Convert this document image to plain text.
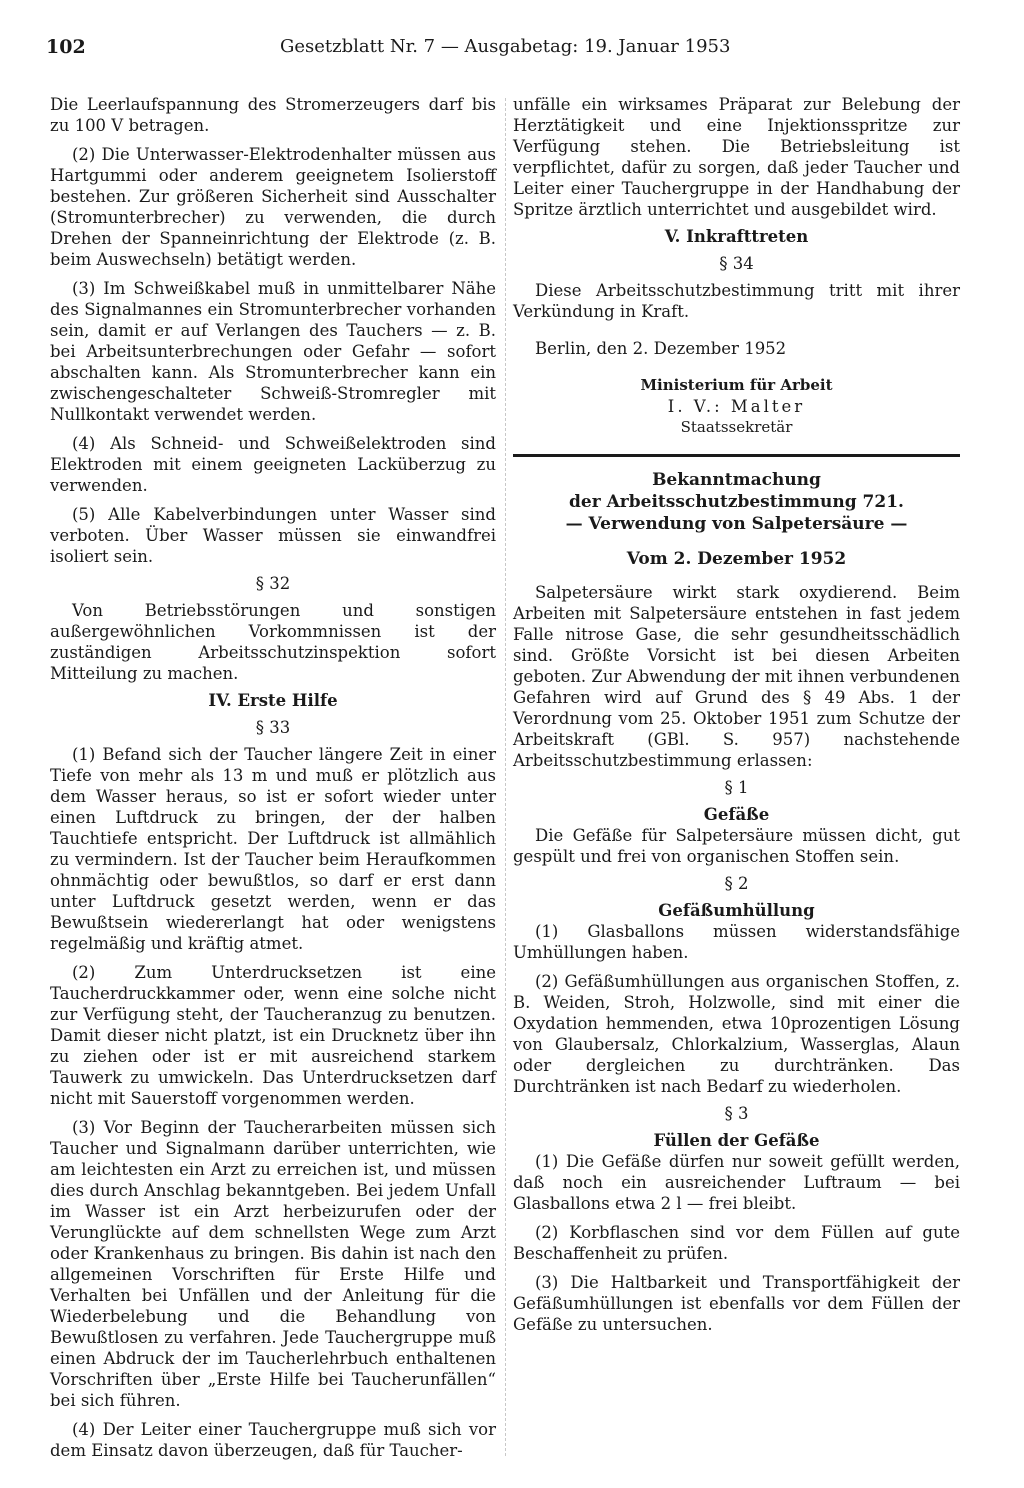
102	Gesetzblatt Nr. 7 — Ausgabetag: 19. Januar 1953

Die Leerlaufspannung des Stromerzeugers darf bis zu 100 V betragen.

(2) Die Unterwasser-Elektrodenhalter müssen aus Hartgummi oder anderem geeignetem Isolierstoff bestehen. Zur größeren Sicherheit sind Ausschalter (Stromunterbrecher) zu verwenden, die durch Drehen der Spanneinrichtung der Elektrode (z. B. beim Auswechseln) betätigt werden.

(3) Im Schweißkabel muß in unmittelbarer Nähe des Signalmannes ein Stromunterbrecher vorhanden sein, damit er auf Verlangen des Tauchers — z. B. bei Arbeitsunterbrechungen oder Gefahr — sofort abschalten kann. Als Stromunterbrecher kann ein zwischengeschalteter Schweiß-Stromregler mit Nullkontakt verwendet werden.

(4) Als Schneid- und Schweißelektroden sind Elektroden mit einem geeigneten Lacküberzug zu verwenden.

(5) Alle Kabelverbindungen unter Wasser sind verboten. Über Wasser müssen sie einwandfrei isoliert sein.

§ 32

Von Betriebsstörungen und sonstigen außergewöhnlichen Vorkommnissen ist der zuständigen Arbeitsschutzinspektion sofort Mitteilung zu machen.

IV. Erste Hilfe
§ 33

(1) Befand sich der Taucher längere Zeit in einer Tiefe von mehr als 13 m und muß er plötzlich aus dem Wasser heraus, so ist er sofort wieder unter einen Luftdruck zu bringen, der der halben Tauchtiefe entspricht. Der Luftdruck ist allmählich zu vermindern. Ist der Taucher beim Heraufkommen ohnmächtig oder bewußtlos, so darf er erst dann unter Luftdruck gesetzt werden, wenn er das Bewußtsein wiedererlangt hat oder wenigstens regelmäßig und kräftig atmet.

(2) Zum Unterdrucksetzen ist eine Taucherdruckkammer oder, wenn eine solche nicht zur Verfügung steht, der Taucheranzug zu benutzen. Damit dieser nicht platzt, ist ein Drucknetz über ihn zu ziehen oder ist er mit ausreichend starkem Tauwerk zu umwickeln. Das Unterdrucksetzen darf nicht mit Sauerstoff vorgenommen werden.

(3) Vor Beginn der Taucherarbeiten müssen sich Taucher und Signalmann darüber unterrichten, wie am leichtesten ein Arzt zu erreichen ist, und müssen dies durch Anschlag bekanntgeben. Bei jedem Unfall im Wasser ist ein Arzt herbeizurufen oder der Verunglückte auf dem schnellsten Wege zum Arzt oder Krankenhaus zu bringen. Bis dahin ist nach den allgemeinen Vorschriften für Erste Hilfe und Verhalten bei Unfällen und der Anleitung für die Wiederbelebung und die Behandlung von Bewußtlosen zu verfahren. Jede Tauchergruppe muß einen Abdruck der im Taucherlehrbuch enthaltenen Vorschriften über „Erste Hilfe bei Taucherunfällen“ bei sich führen.

(4) Der Leiter einer Tauchergruppe muß sich vor dem Einsatz davon überzeugen, daß für Taucher-

unfälle ein wirksames Präparat zur Belebung der Herztätigkeit und eine Injektionsspritze zur Verfügung stehen. Die Betriebsleitung ist verpflichtet, dafür zu sorgen, daß jeder Taucher und Leiter einer Tauchergruppe in der Handhabung der Spritze ärztlich unterrichtet und ausgebildet wird.

V. Inkrafttreten
§ 34

Diese Arbeitsschutzbestimmung tritt mit ihrer Verkündung in Kraft.

Berlin, den 2. Dezember 1952

Ministerium für Arbeit
I. V.: Malter
Staatssekretär
Bekanntmachung
der Arbeitsschutzbestimmung 721.
— Verwendung von Salpetersäure —
Vom 2. Dezember 1952

Salpetersäure wirkt stark oxydierend. Beim Arbeiten mit Salpetersäure entstehen in fast jedem Falle nitrose Gase, die sehr gesundheitsschädlich sind. Größte Vorsicht ist bei diesen Arbeiten geboten. Zur Abwendung der mit ihnen verbundenen Gefahren wird auf Grund des § 49 Abs. 1 der Verordnung vom 25. Oktober 1951 zum Schutze der Arbeitskraft (GBl. S. 957) nachstehende Arbeitsschutzbestimmung erlassen:

§ 1
Gefäße

Die Gefäße für Salpetersäure müssen dicht, gut gespült und frei von organischen Stoffen sein.

§ 2
Gefäßumhüllung

(1) Glasballons müssen widerstandsfähige Umhüllungen haben.

(2) Gefäßumhüllungen aus organischen Stoffen, z. B. Weiden, Stroh, Holzwolle, sind mit einer die Oxydation hemmenden, etwa 10prozentigen Lösung von Glaubersalz, Chlorkalzium, Wasserglas, Alaun oder dergleichen zu durchtränken. Das Durchtränken ist nach Bedarf zu wiederholen.

§ 3
Füllen der Gefäße

(1) Die Gefäße dürfen nur soweit gefüllt werden, daß noch ein ausreichender Luftraum — bei Glasballons etwa 2 l — frei bleibt.

(2) Korbflaschen sind vor dem Füllen auf gute Beschaffenheit zu prüfen.

(3) Die Haltbarkeit und Transportfähigkeit der Gefäßumhüllungen ist ebenfalls vor dem Füllen der Gefäße zu untersuchen.
